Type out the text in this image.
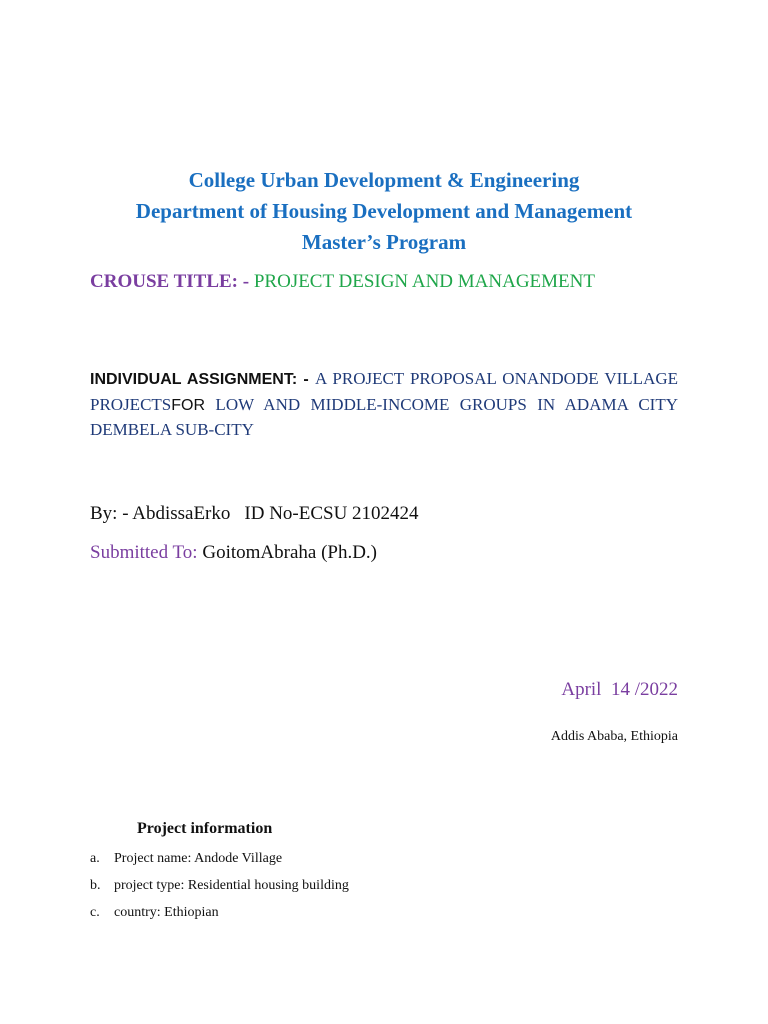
College Urban Development & Engineering
Department of Housing Development and Management
Master’s Program
CROUSE TITLE: - PROJECT DESIGN AND MANAGEMENT
INDIVIDUAL ASSIGNMENT: - A PROJECT PROPOSAL ONANDODE VILLAGE PROJECTSFOR LOW AND MIDDLE-INCOME GROUPS IN ADAMA CITY DEMBELA SUB-CITY
By: - AbdissaErko ID No-ECSU 2102424
Submitted To: GoitomAbraha (Ph.D.)
April  14 /2022
Addis Ababa, Ethiopia
Project information
a. Project name: Andode Village
b. project type: Residential housing building
c. country: Ethiopian
